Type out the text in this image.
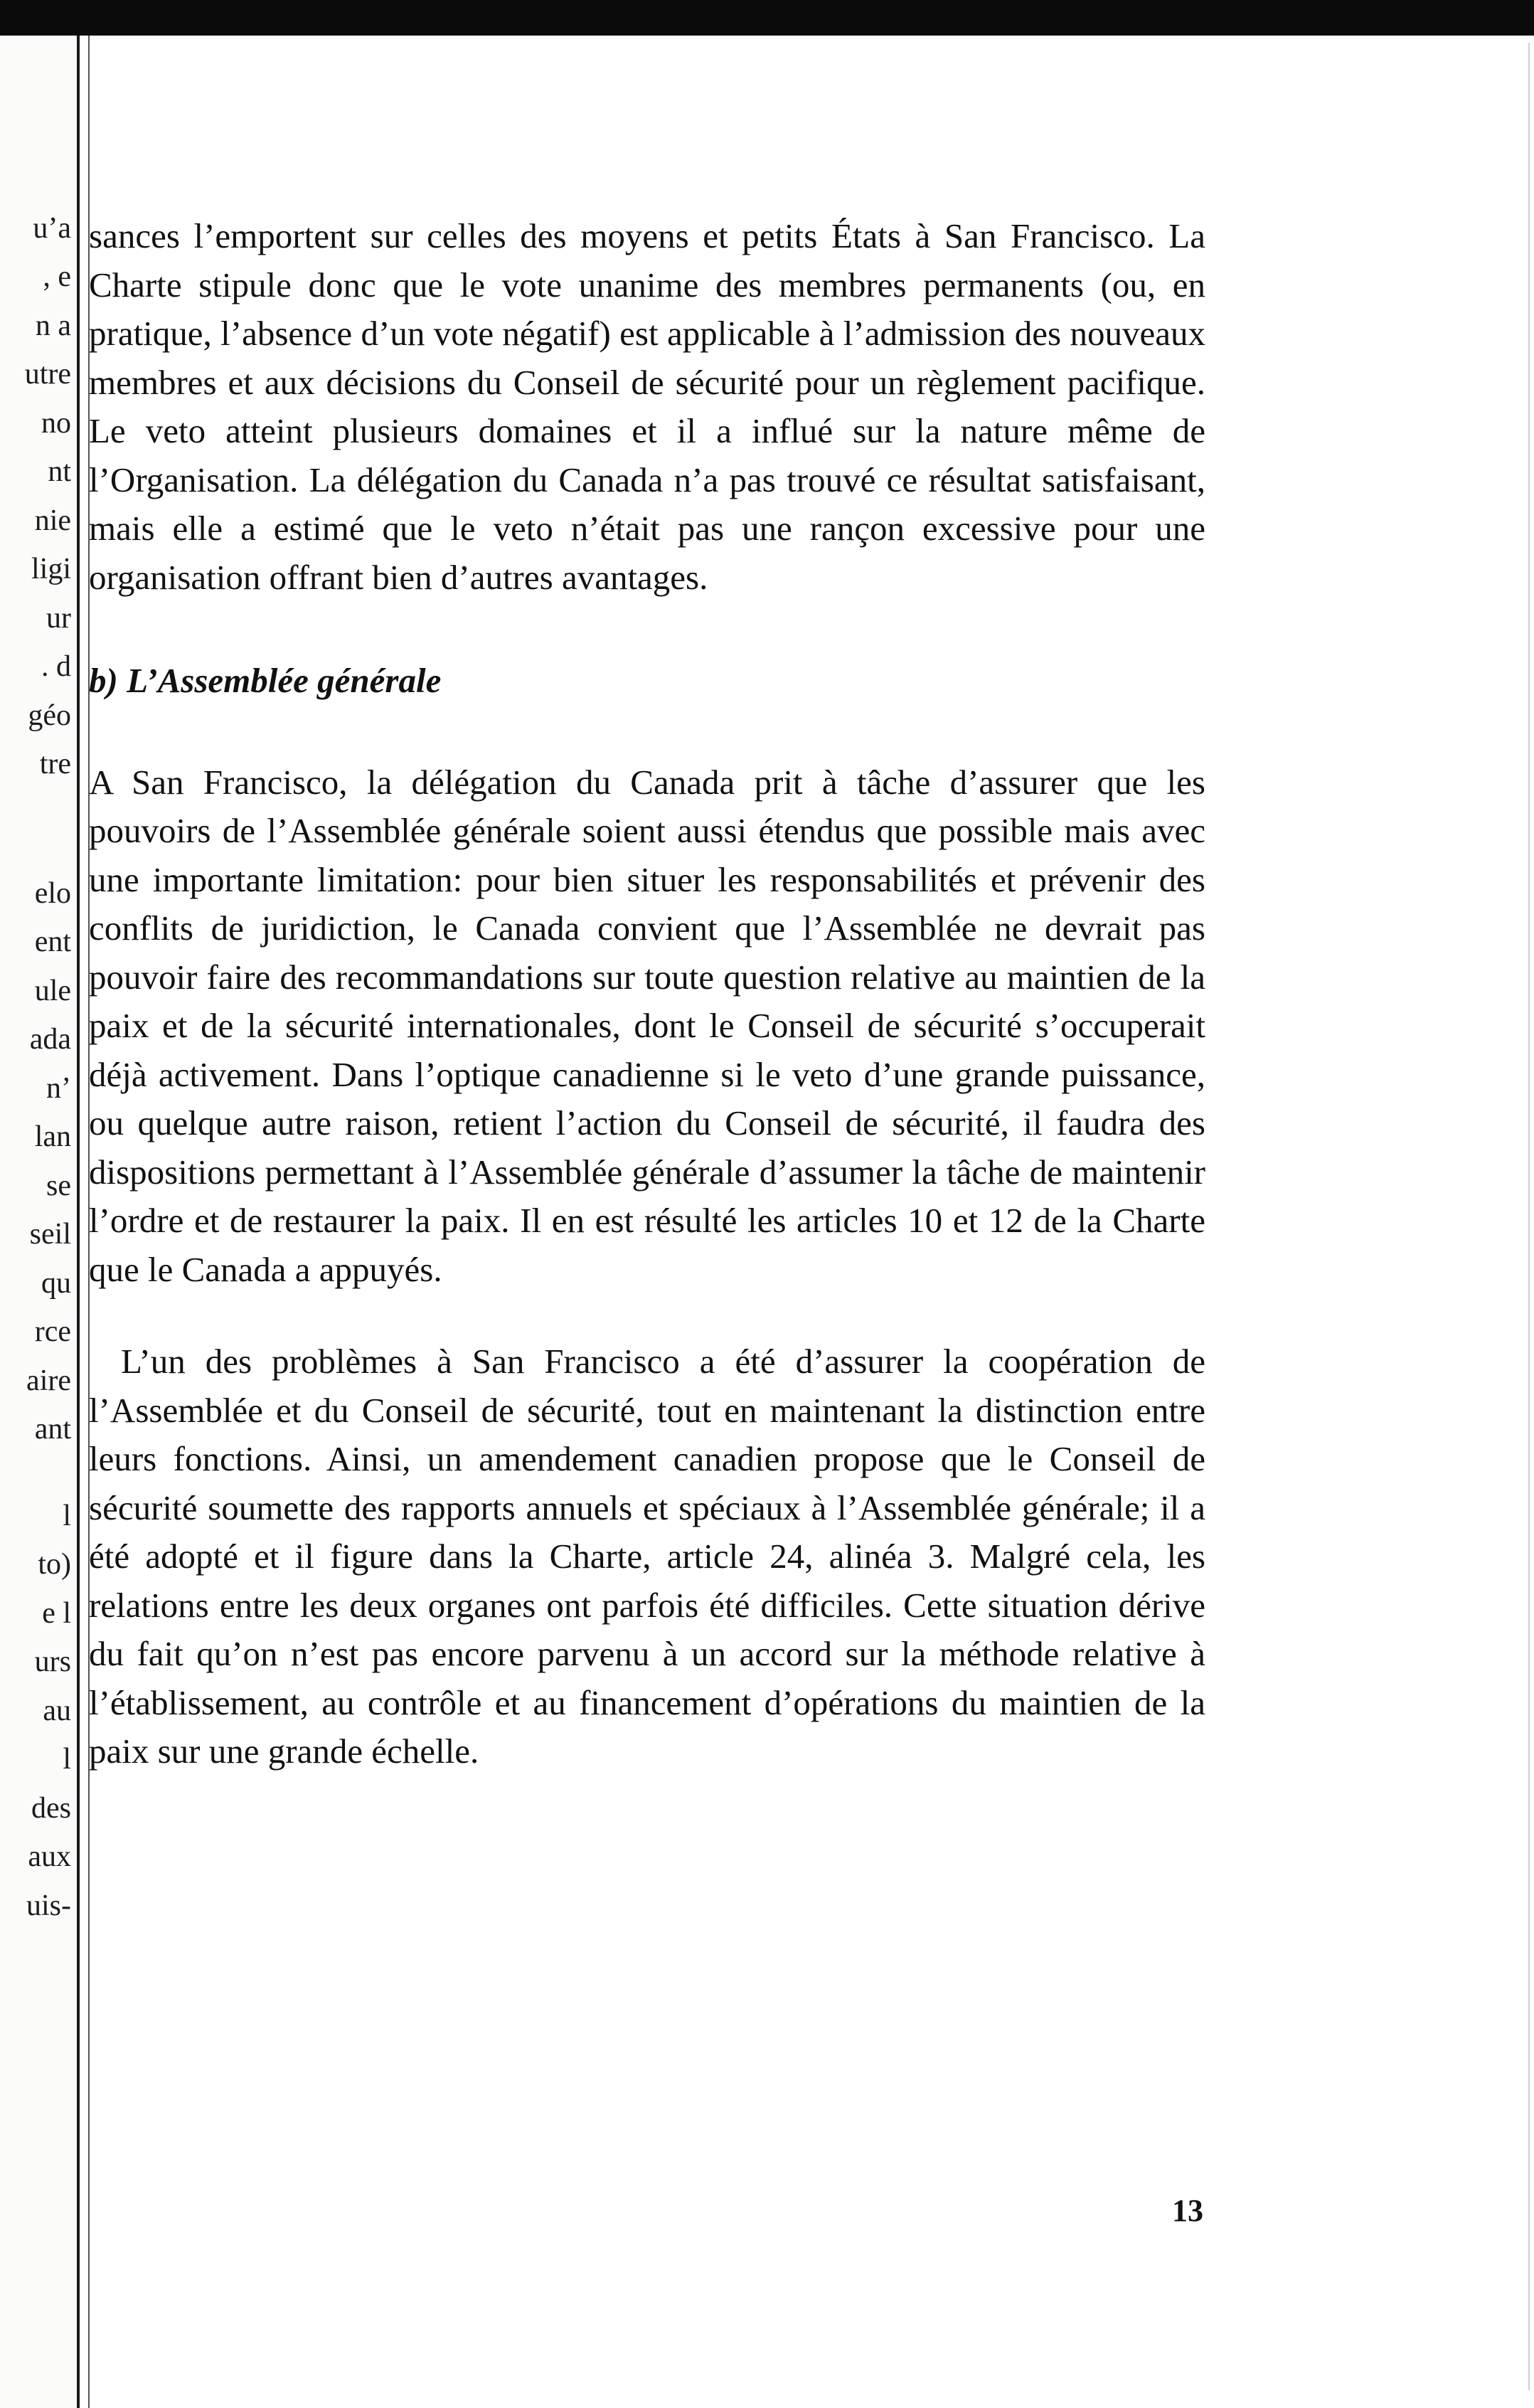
u’a
, e
n a
utre
no
nt
nie
ligi
ur
. d
géo
tre
elo
ent
ule
ada
n’
lan
se
seil
qu
rce
aire
ant
l
to)
e l
urs
au
l
des
aux
uis-

sances l’emportent sur celles des moyens et petits États à San Francisco. La Charte stipule donc que le vote unanime des membres permanents (ou, en pratique, l’absence d’un vote négatif) est applicable à l’admission des nouveaux membres et aux décisions du Conseil de sécurité pour un règlement pacifique. Le veto atteint plusieurs domaines et il a influé sur la nature même de l’Organisation. La délégation du Canada n’a pas trouvé ce résultat satisfaisant, mais elle a estimé que le veto n’était pas une rançon excessive pour une organisation offrant bien d’autres avantages.

b) L’Assemblée générale

A San Francisco, la délégation du Canada prit à tâche d’assurer que les pouvoirs de l’Assemblée générale soient aussi étendus que possible mais avec une importante limitation: pour bien situer les responsabilités et prévenir des conflits de juridiction, le Canada convient que l’Assemblée ne devrait pas pouvoir faire des recommandations sur toute question relative au maintien de la paix et de la sécurité internationales, dont le Conseil de sécurité s’occuperait déjà activement. Dans l’optique canadienne si le veto d’une grande puissance, ou quelque autre raison, retient l’action du Conseil de sécurité, il faudra des dispositions permettant à l’Assemblée générale d’assumer la tâche de maintenir l’ordre et de restaurer la paix. Il en est résulté les articles 10 et 12 de la Charte que le Canada a appuyés.

L’un des problèmes à San Francisco a été d’assurer la coopération de l’Assemblée et du Conseil de sécurité, tout en maintenant la distinction entre leurs fonctions. Ainsi, un amendement canadien propose que le Conseil de sécurité soumette des rapports annuels et spéciaux à l’Assemblée générale; il a été adopté et il figure dans la Charte, article 24, alinéa 3. Malgré cela, les relations entre les deux organes ont parfois été difficiles. Cette situation dérive du fait qu’on n’est pas encore parvenu à un accord sur la méthode relative à l’établissement, au contrôle et au financement d’opérations du maintien de la paix sur une grande échelle.

13
